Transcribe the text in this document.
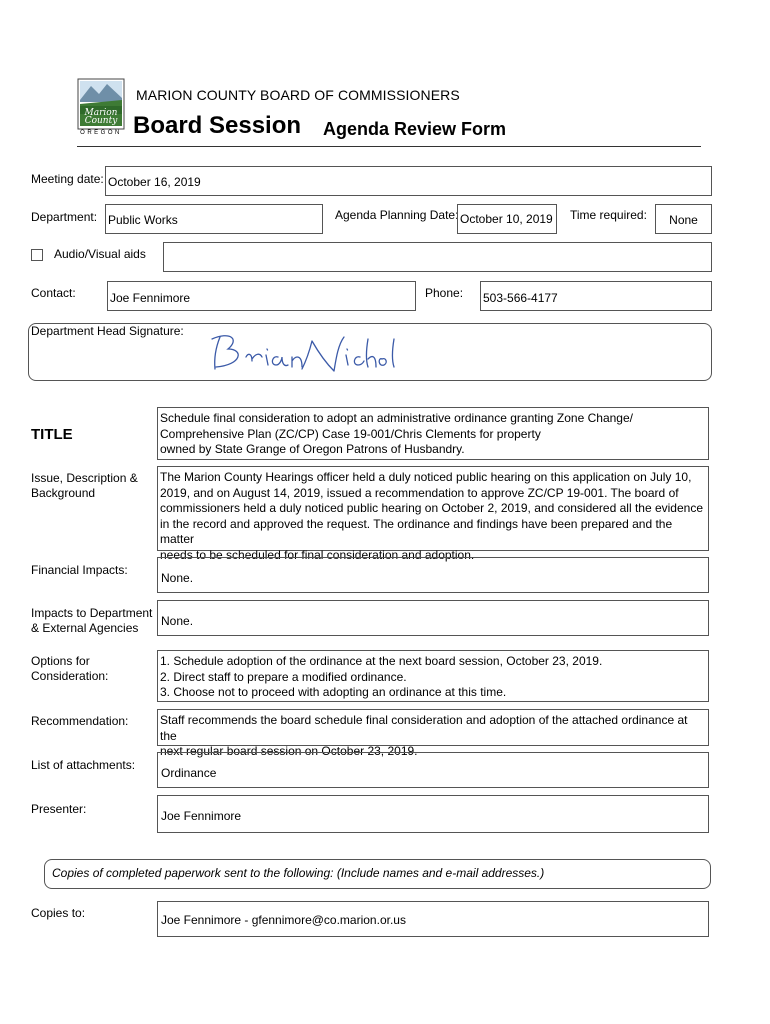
Marion County
OREGON
MARION COUNTY BOARD OF COMMISSIONERS
Board Session Agenda Review Form
Meeting date: October 16, 2019
Department: Public Works	Agenda Planning Date: October 10, 2019	Time required:	None
Audio/Visual aids
Contact:	Joe Fennimore	Phone: 503-566-4177
Department Head Signature:
TITLE
Schedule final consideration to adopt an administrative ordinance granting Zone Change/
Comprehensive Plan (ZC/CP) Case 19-001/Chris Clements for property
owned by State Grange of Oregon Patrons of Husbandry.
Issue, Description &
Background
The Marion County Hearings officer held a duly noticed public hearing on this application on July 10,
2019, and on August 14, 2019, issued a recommendation to approve ZC/CP 19-001. The board of
commissioners held a duly noticed public hearing on October 2, 2019, and considered all the evidence
in the record and approved the request. The ordinance and findings have been prepared and the matter
needs to be scheduled for final consideration and adoption.
Financial Impacts:
None.
Impacts to Department
& External Agencies	None.
Options for
Consideration:
1. Schedule adoption of the ordinance at the next board session, October 23, 2019.
2. Direct staff to prepare a modified ordinance.
3. Choose not to proceed with adopting an ordinance at this time.
Recommendation:	Staff recommends the board schedule final consideration and adoption of the attached ordinance at the
next regular board session on October 23, 2019.
List of attachments:
Ordinance
Presenter:	Joe Fennimore
Copies of completed paperwork sent to the following: (Include names and e-mail addresses.)
Copies to:	Joe Fennimore - gfennimore@co.marion.or.us
